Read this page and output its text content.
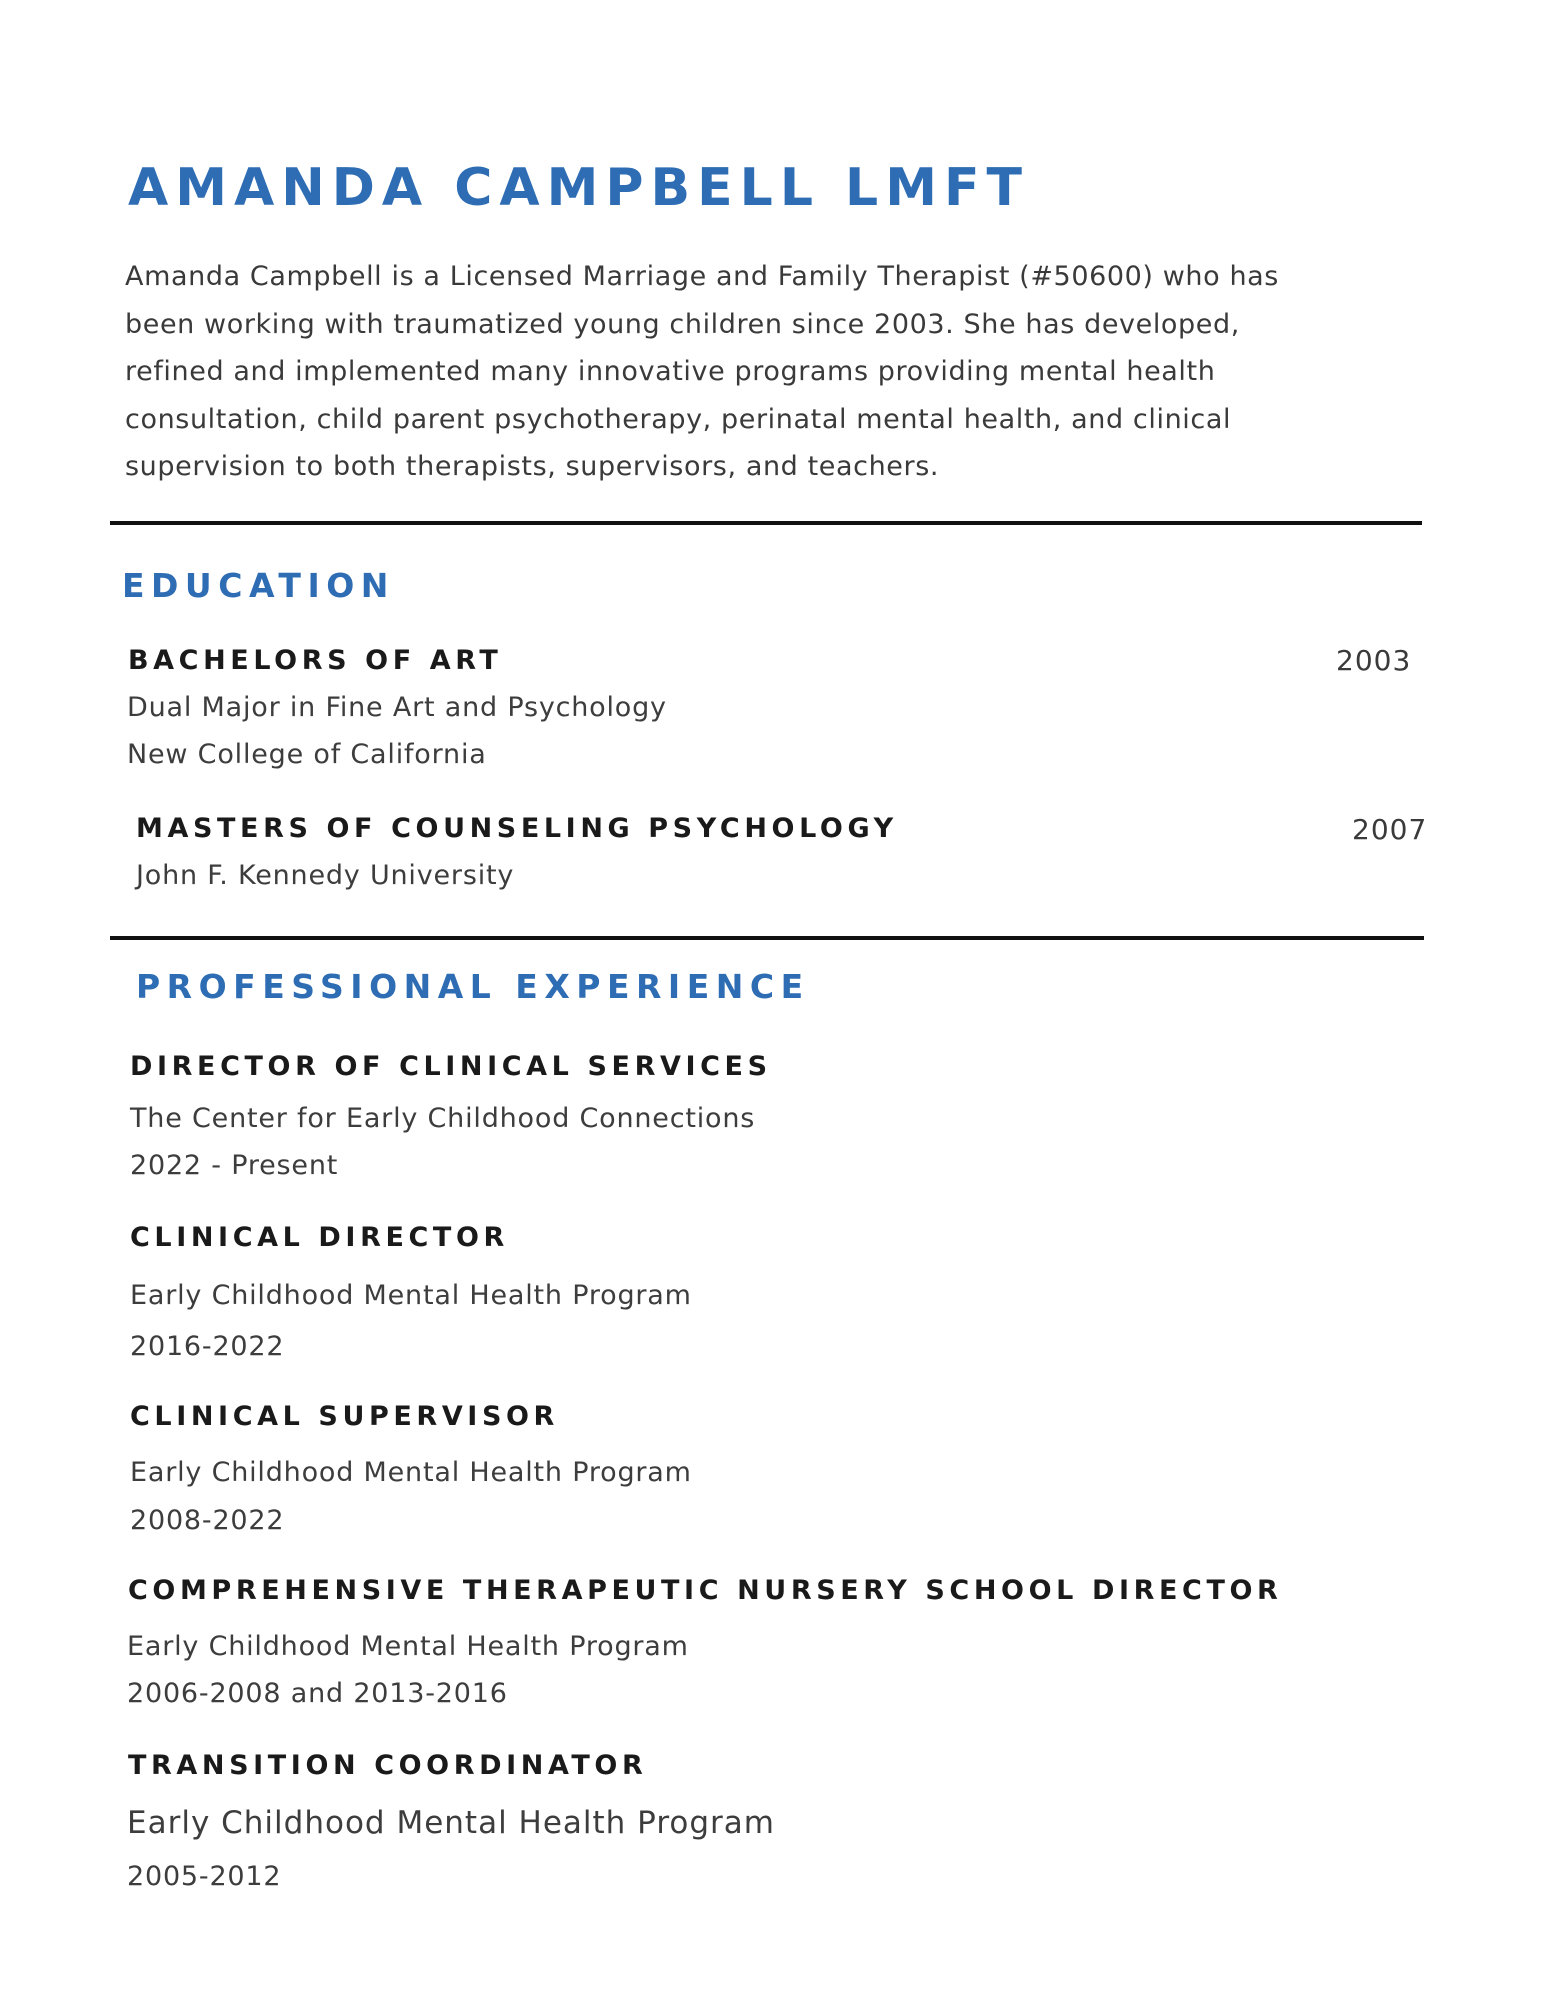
AMANDA CAMPBELL LMFT
Amanda Campbell is a Licensed Marriage and Family Therapist (#50600) who has
been working with traumatized young children since 2003. She has developed,
refined and implemented many innovative programs providing mental health
consultation, child parent psychotherapy, perinatal mental health, and clinical
supervision to both therapists, supervisors, and teachers.
EDUCATION
BACHELORS OF ART	2003
Dual Major in Fine Art and Psychology
New College of California
MASTERS OF COUNSELING PSYCHOLOGY	2007
John F. Kennedy University
PROFESSIONAL EXPERIENCE
DIRECTOR OF CLINICAL SERVICES
The Center for Early Childhood Connections
2022 - Present
CLINICAL DIRECTOR
Early Childhood Mental Health Program
2016-2022
CLINICAL SUPERVISOR
Early Childhood Mental Health Program
2008-2022
COMPREHENSIVE THERAPEUTIC NURSERY SCHOOL DIRECTOR
Early Childhood Mental Health Program
2006-2008 and 2013-2016
TRANSITION COORDINATOR
Early Childhood Mental Health Program
2005-2012
